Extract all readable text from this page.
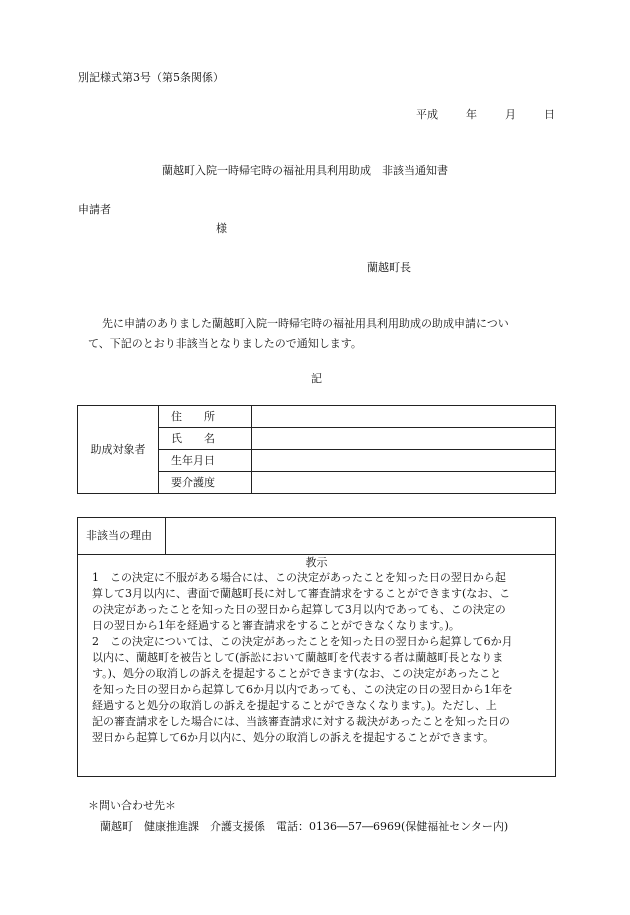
別記様式第3号（第5条関係）
平成	年	月	日
蘭越町入院一時帰宅時の福祉用具利用助成　非該当通知書
申請者
様
蘭越町長
先に申請のありました蘭越町入院一時帰宅時の福祉用具利用助成の助成申請につい
て、下記のとおり非該当となりましたので通知します。
記
助成対象者	住　　所	
	氏　　名	
	生年月日	
	要介護度	
非該当の理由
教示
1　この決定に不服がある場合には、この決定があったことを知った日の翌日から起
算して3月以内に、書面で蘭越町長に対して審査請求をすることができます(なお、こ
の決定があったことを知った日の翌日から起算して3月以内であっても、この決定の
日の翌日から1年を経過すると審査請求をすることができなくなります。)。
2　この決定については、この決定があったことを知った日の翌日から起算して6か月
以内に、蘭越町を被告として(訴訟において蘭越町を代表する者は蘭越町長となりま
す。)、処分の取消しの訴えを提起することができます(なお、この決定があったこと
を知った日の翌日から起算して6か月以内であっても、この決定の日の翌日から1年を
経過すると処分の取消しの訴えを提起することができなくなります。)。ただし、上
記の審査請求をした場合には、当該審査請求に対する裁決があったことを知った日の
翌日から起算して6か月以内に、処分の取消しの訴えを提起することができます。
＊問い合わせ先＊
蘭越町　健康推進課　介護支援係　電話：0136―57―6969(保健福祉センター内)
